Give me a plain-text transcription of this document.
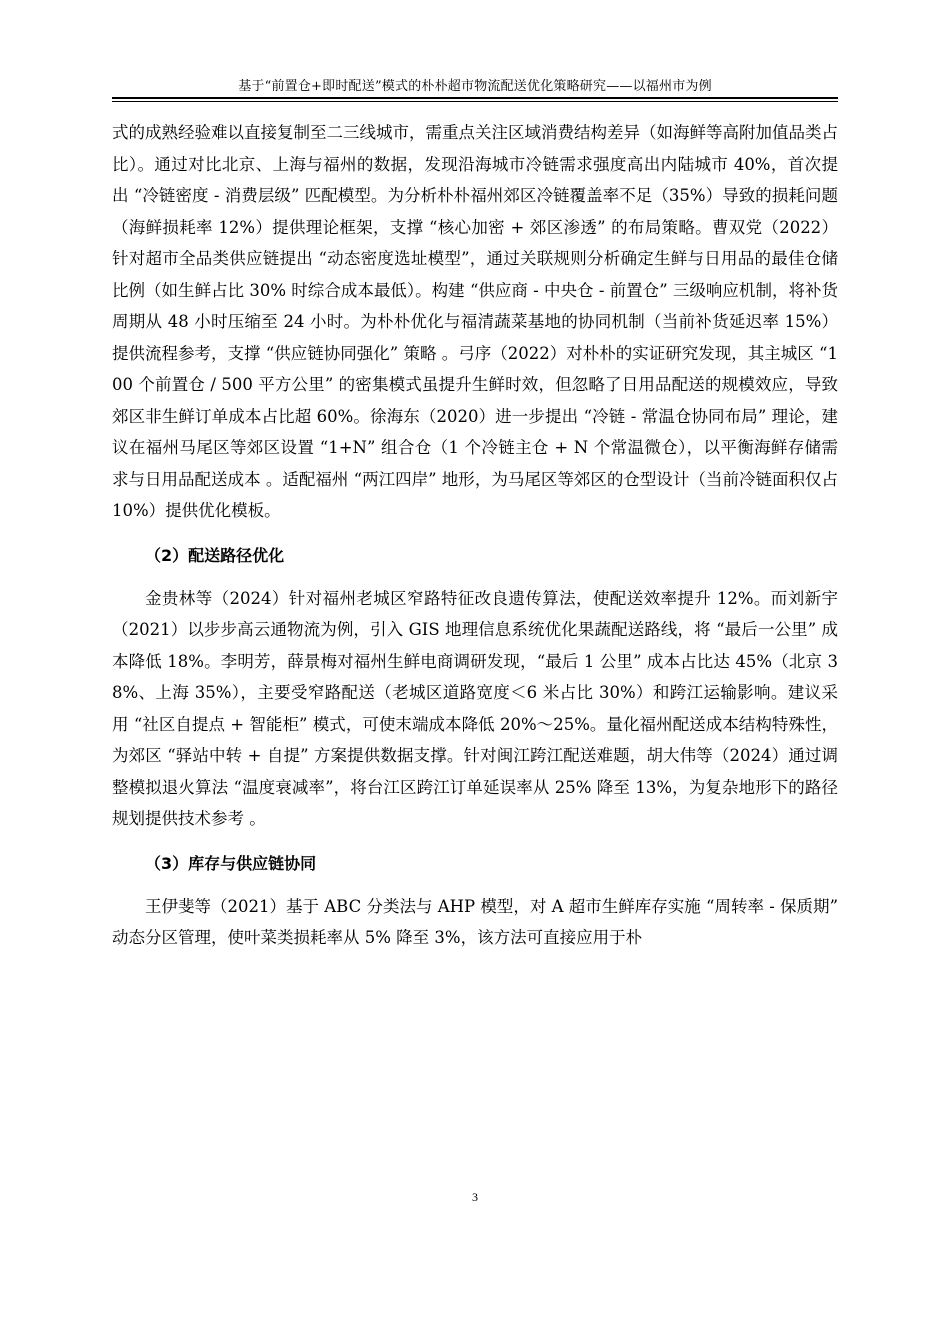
基于“前置仓+即时配送”模式的朴朴超市物流配送优化策略研究——以福州市为例

式的成熟经验难以直接复制至二三线城市，需重点关注区域消费结构差异（如海鲜等高附加值品类占比）。通过对比北京、上海与福州的数据，发现沿海城市冷链需求强度高出内陆城市 40%，首次提出 “冷链密度 - 消费层级” 匹配模型。为分析朴朴福州郊区冷链覆盖率不足（35%）导致的损耗问题（海鲜损耗率 12%）提供理论框架，支撑 “核心加密 + 郊区渗透” 的布局策略。曹双党（2022）针对超市全品类供应链提出 “动态密度选址模型”，通过关联规则分析确定生鲜与日用品的最佳仓储比例（如生鲜占比 30% 时综合成本最低）。构建 “供应商 - 中央仓 - 前置仓” 三级响应机制，将补货周期从 48 小时压缩至 24 小时。为朴朴优化与福清蔬菜基地的协同机制（当前补货延迟率 15%）提供流程参考，支撑 “供应链协同强化” 策略 。弓序（2022）对朴朴的实证研究发现，其主城区 “100 个前置仓 / 500 平方公里” 的密集模式虽提升生鲜时效，但忽略了日用品配送的规模效应，导致郊区非生鲜订单成本占比超 60%。徐海东（2020）进一步提出 “冷链 - 常温仓协同布局” 理论，建议在福州马尾区等郊区设置 “1+N” 组合仓（1 个冷链主仓 + N 个常温微仓），以平衡海鲜存储需求与日用品配送成本 。适配福州 “两江四岸” 地形，为马尾区等郊区的仓型设计（当前冷链面积仅占 10%）提供优化模板。

（2）配送路径优化

金贵林等（2024）针对福州老城区窄路特征改良遗传算法，使配送效率提升 12%。而刘新宇（2021）以步步高云通物流为例，引入 GIS 地理信息系统优化果蔬配送路线，将 “最后一公里” 成本降低 18%。李明芳，薛景梅对福州生鲜电商调研发现，“最后 1 公里” 成本占比达 45%（北京 38%、上海 35%），主要受窄路配送（老城区道路宽度＜6 米占比 30%）和跨江运输影响。建议采用 “社区自提点 + 智能柜” 模式，可使末端成本降低 20%～25%。量化福州配送成本结构特殊性，为郊区 “驿站中转 + 自提” 方案提供数据支撑。针对闽江跨江配送难题，胡大伟等（2024）通过调整模拟退火算法 “温度衰减率”，将台江区跨江订单延误率从 25% 降至 13%，为复杂地形下的路径规划提供技术参考 。

（3）库存与供应链协同

王伊斐等（2021）基于 ABC 分类法与 AHP 模型，对 A 超市生鲜库存实施 “周转率 - 保质期” 动态分区管理，使叶菜类损耗率从 5% 降至 3%，该方法可直接应用于朴

3
